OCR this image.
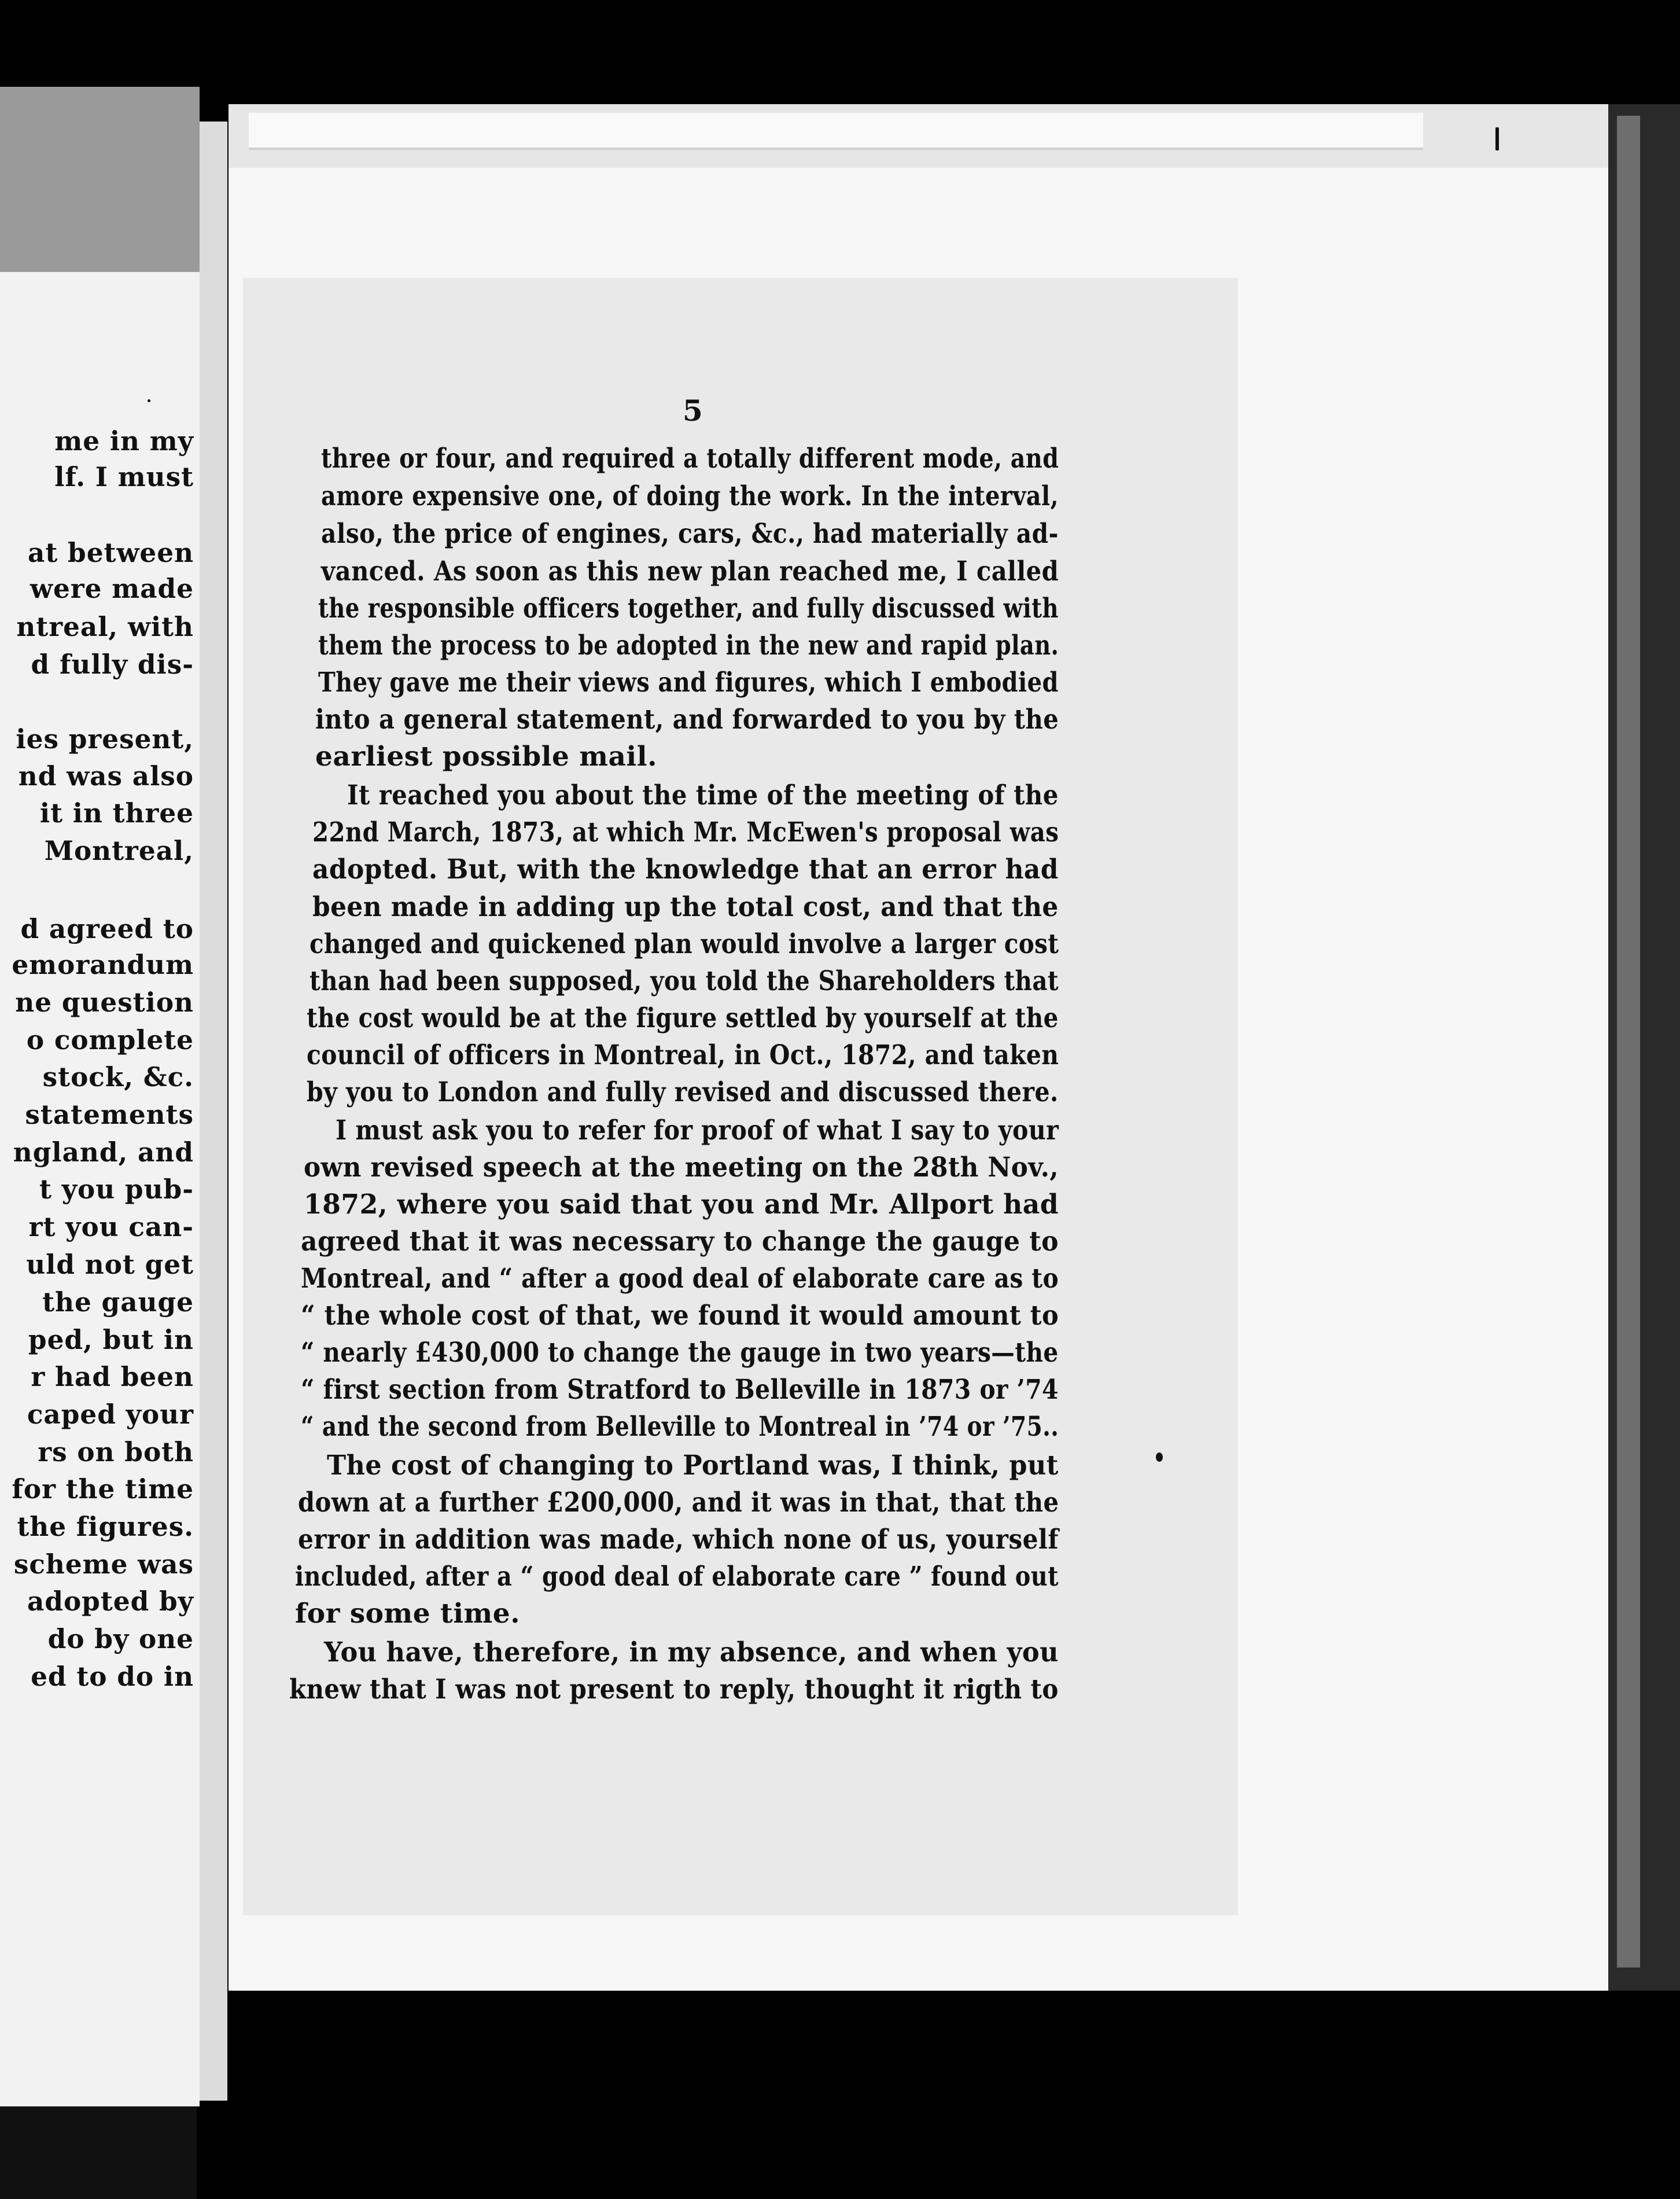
me in my
lf. I must
at between
were made
ntreal, with
d fully dis-
ies present,
nd was also
it in three
Montreal,
d agreed to
emorandum
ne question
o complete
stock, &c.
statements
ngland, and
t you pub-
rt you can-
uld not get
the gauge
ped, but in
r had been
caped your
rs on both
for the time
the figures.
scheme was
adopted by
do by one
ed to do in
5
three or four, and required a totally different mode, and
amore expensive one, of doing the work. In the interval,
also, the price of engines, cars, &c., had materially ad-
vanced. As soon as this new plan reached me, I called
the responsible officers together, and fully discussed with
them the process to be adopted in the new and rapid plan.
They gave me their views and figures, which I embodied
into a general statement, and forwarded to you by the
earliest possible mail.
It reached you about the time of the meeting of the
22nd March, 1873, at which Mr. McEwen's proposal was
adopted. But, with the knowledge that an error had
been made in adding up the total cost, and that the
changed and quickened plan would involve a larger cost
than had been supposed, you told the Shareholders that
the cost would be at the figure settled by yourself at the
council of officers in Montreal, in Oct., 1872, and taken
by you to London and fully revised and discussed there.
I must ask you to refer for proof of what I say to your
own revised speech at the meeting on the 28th Nov.,
1872, where you said that you and Mr. Allport had
agreed that it was necessary to change the gauge to
Montreal, and “ after a good deal of elaborate care as to
“ the whole cost of that, we found it would amount to
“ nearly £430,000 to change the gauge in two years—the
“ first section from Stratford to Belleville in 1873 or ’74
“ and the second from Belleville to Montreal in ’74 or ’75..
The cost of changing to Portland was, I think, put
down at a further £200,000, and it was in that, that the
error in addition was made, which none of us, yourself
included, after a “ good deal of elaborate care ” found out
for some time.
You have, therefore, in my absence, and when you
knew that I was not present to reply, thought it rigth to
